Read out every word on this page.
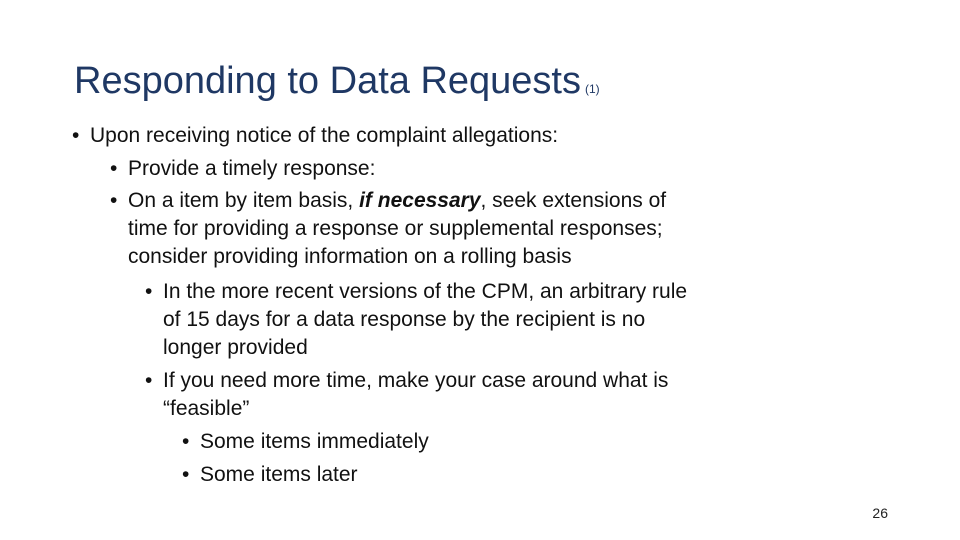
Responding to Data Requests (1)
• Upon receiving notice of the complaint allegations:
• Provide a timely response:
• On a item by item basis, if necessary, seek extensions of
time for providing a response or supplemental responses;
consider providing information on a rolling basis
• In the more recent versions of the CPM, an arbitrary rule
of 15 days for a data response by the recipient is no
longer provided
• If you need more time, make your case around what is
“feasible”
• Some items immediately
• Some items later
26
